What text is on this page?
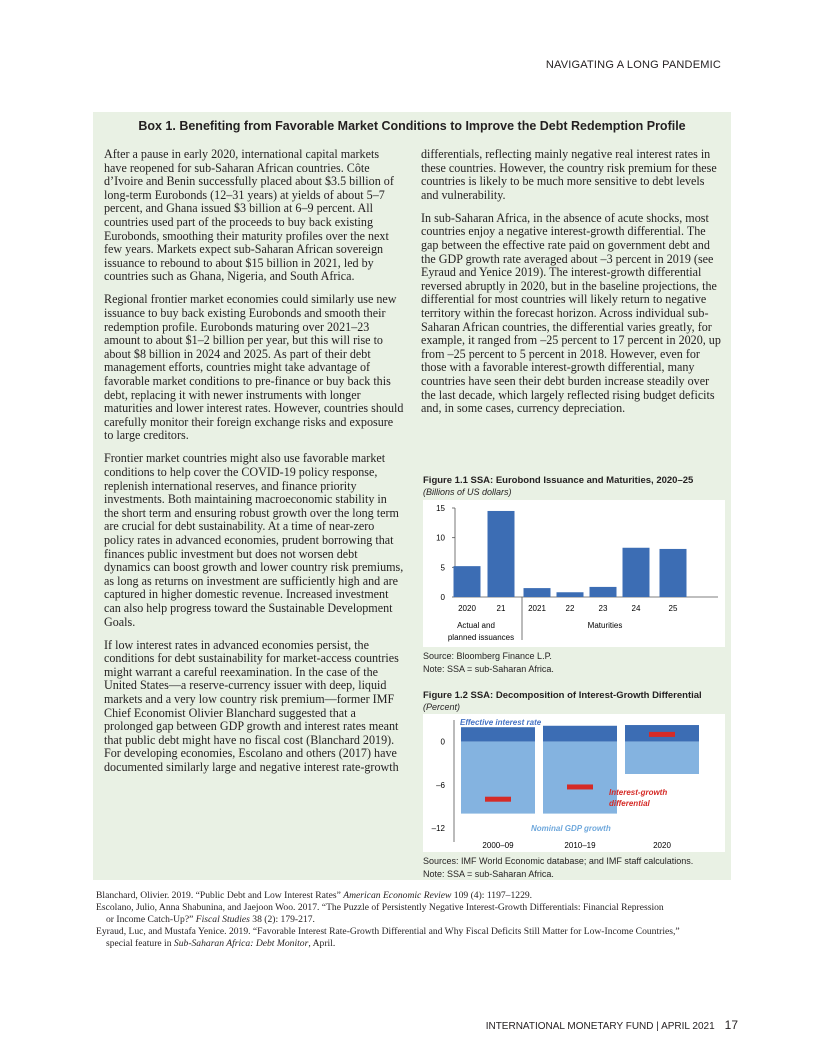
NAVIGATING A LONG PANDEMIC
Box 1. Benefiting from Favorable Market Conditions to Improve the Debt Redemption Profile

After a pause in early 2020, international capital markets have reopened for sub-Saharan African countries. Côte d’Ivoire and Benin successfully placed about $3.5 billion of long-term Eurobonds (12–31 years) at yields of about 5–7 percent, and Ghana issued $3 billion at 6–9 percent. All countries used part of the proceeds to buy back existing Eurobonds, smoothing their maturity profiles over the next few years. Markets expect sub-Saharan African sovereign issuance to rebound to about $15 billion in 2021, led by countries such as Ghana, Nigeria, and South Africa.

Regional frontier market economies could similarly use new issuance to buy back existing Eurobonds and smooth their redemption profile. Eurobonds maturing over 2021–23 amount to about $1–2 billion per year, but this will rise to about $8 billion in 2024 and 2025. As part of their debt management efforts, countries might take advantage of favorable market conditions to pre-finance or buy back this debt, replacing it with newer instruments with longer maturities and lower interest rates. However, countries should carefully monitor their foreign exchange risks and exposure to large creditors.

Frontier market countries might also use favorable market conditions to help cover the COVID-19 policy response, replenish international reserves, and finance priority investments. Both maintaining macroeconomic stability in the short term and ensuring robust growth over the long term are crucial for debt sustainability. At a time of near-zero policy rates in advanced economies, prudent borrowing that finances public investment but does not worsen debt dynamics can boost growth and lower country risk premiums, as long as returns on investment are sufficiently high and are captured in higher domestic revenue. Increased investment can also help progress toward the Sustainable Development Goals.

If low interest rates in advanced economies persist, the conditions for debt sustainability for market-access countries might warrant a careful reexamination. In the case of the United States—a reserve-currency issuer with deep, liquid markets and a very low country risk premium—former IMF Chief Economist Olivier Blanchard suggested that a prolonged gap between GDP growth and interest rates meant that public debt might have no fiscal cost (Blanchard 2019). For developing economies, Escolano and others (2017) have documented similarly large and negative interest rate-growth

differentials, reflecting mainly negative real interest rates in these countries. However, the country risk premium for these countries is likely to be much more sensitive to debt levels and vulnerability.

In sub-Saharan Africa, in the absence of acute shocks, most countries enjoy a negative interest-growth differential. The gap between the effective rate paid on government debt and the GDP growth rate averaged about –3 percent in 2019 (see Eyraud and Yenice 2019). The interest-growth differential reversed abruptly in 2020, but in the baseline projections, the differential for most countries will likely return to negative territory within the forecast horizon. Across individual sub-Saharan African countries, the differential varies greatly, for example, it ranged from –25 percent to 17 percent in 2020, up from –25 percent to 5 percent in 2018. However, even for those with a favorable interest-growth differential, many countries have seen their debt burden increase steadily over the last decade, which largely reflected rising budget deficits and, in some cases, currency depreciation.

Figure 1.1 SSA: Eurobond Issuance and Maturities, 2020–25
(Billions of US dollars)
0
5
10
15
2020	21	2021 22	23	24	25
Actual and
planned issuances
Maturities
Source: Bloomberg Finance L.P.
Note: SSA = sub-Saharan Africa.
Figure 1.2 SSA: Decomposition of Interest-Growth Differential
(Percent)
0
–6
–12
2000–09	2010–19	2020
Effective interest rate
Nominal GDP growth
Interest-growth
differential
Sources: IMF World Economic database; and IMF staff calculations.
Note: SSA = sub-Saharan Africa.

Blanchard, Olivier. 2019. “Public Debt and Low Interest Rates” American Economic Review 109 (4): 1197–1229.

Escolano, Julio, Anna Shabunina, and Jaejoon Woo. 2017. “The Puzzle of Persistently Negative Interest-Growth Differentials: Financial Repression

or Income Catch-Up?” Fiscal Studies 38 (2): 179-217.

Eyraud, Luc, and Mustafa Yenice. 2019. “Favorable Interest Rate-Growth Differential and Why Fiscal Deficits Still Matter for Low-Income Countries,”

special feature in Sub-Saharan Africa: Debt Monitor, April.

INTERNATIONAL MONETARY FUND | APRIL 2021 17
